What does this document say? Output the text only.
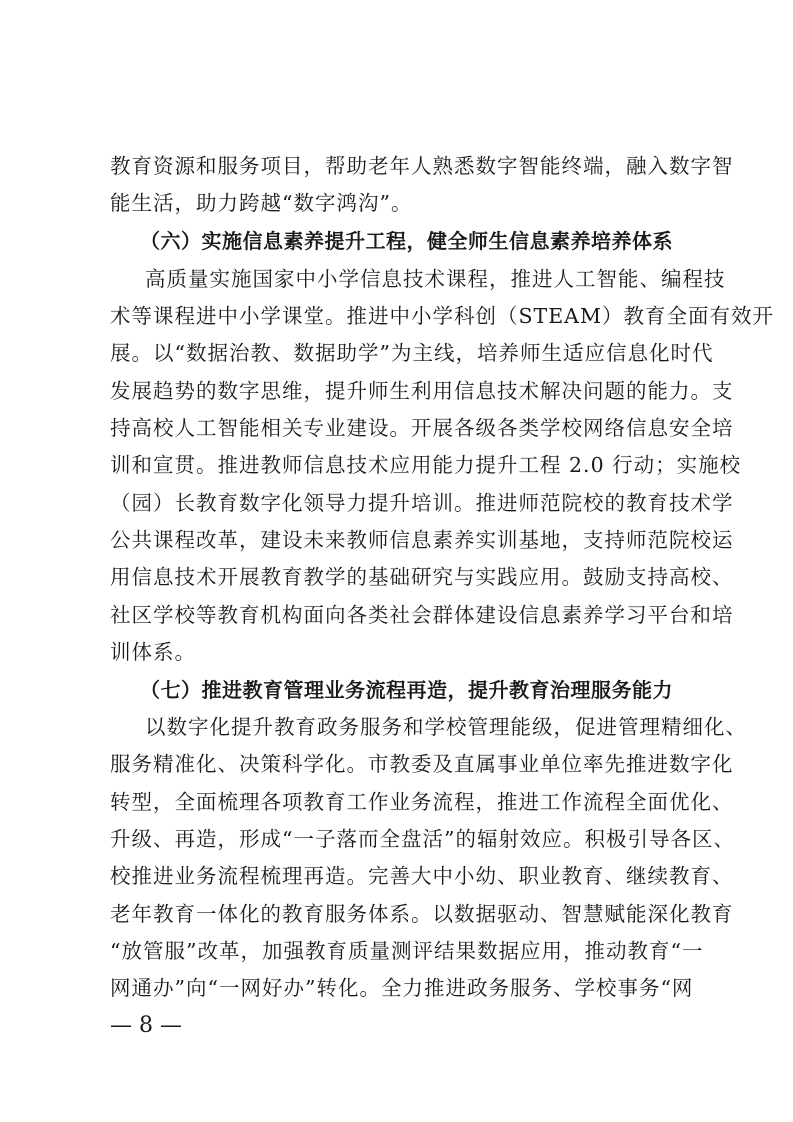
教育资源和服务项目，帮助老年人熟悉数字智能终端，融入数字智
能生活，助力跨越“数字鸿沟”。
（六）实施信息素养提升工程，健全师生信息素养培养体系
高质量实施国家中小学信息技术课程，推进人工智能、编程技
术等课程进中小学课堂。推进中小学科创（STEAM）教育全面有效开
展。以“数据治教、数据助学”为主线，培养师生适应信息化时代
发展趋势的数字思维，提升师生利用信息技术解决问题的能力。支
持高校人工智能相关专业建设。开展各级各类学校网络信息安全培
训和宣贯。推进教师信息技术应用能力提升工程 2.0 行动；实施校
（园）长教育数字化领导力提升培训。推进师范院校的教育技术学
公共课程改革，建设未来教师信息素养实训基地，支持师范院校运
用信息技术开展教育教学的基础研究与实践应用。鼓励支持高校、
社区学校等教育机构面向各类社会群体建设信息素养学习平台和培
训体系。
（七）推进教育管理业务流程再造，提升教育治理服务能力
以数字化提升教育政务服务和学校管理能级，促进管理精细化、
服务精准化、决策科学化。市教委及直属事业单位率先推进数字化
转型，全面梳理各项教育工作业务流程，推进工作流程全面优化、
升级、再造，形成“一子落而全盘活”的辐射效应。积极引导各区、
校推进业务流程梳理再造。完善大中小幼、职业教育、继续教育、
老年教育一体化的教育服务体系。以数据驱动、智慧赋能深化教育
“放管服”改革，加强教育质量测评结果数据应用，推动教育“一
网通办”向“一网好办”转化。全力推进政务服务、学校事务“网
— 8 —
